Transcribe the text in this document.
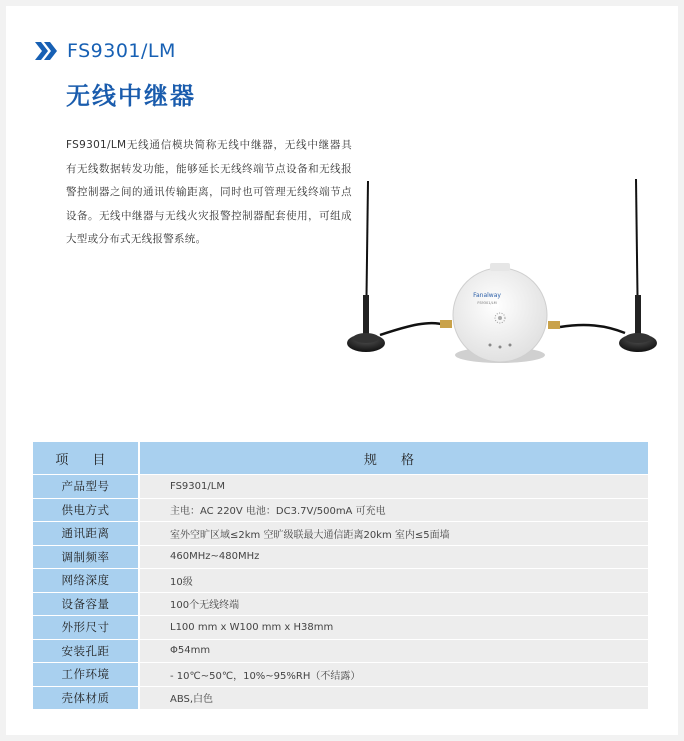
FS9301/LM
无线中继器
FS9301/LM无线通信模块简称无线中继器，无线中继器具有无线数据转发功能，能够延长无线终端节点设备和无线报警控制器之间的通讯传输距离，同时也可管理无线终端节点设备。无线中继器与无线火灾报警控制器配套使用，可组成大型或分布式无线报警系统。
Fanalway
FS9301/LM
项 目	规 格
产品型号	FS9301/LM
供电方式	主电：AC 220V 电池：DC3.7V/500mA 可充电
通讯距离	室外空旷区域≤2km 空旷级联最大通信距离20km 室内≤5面墙
调制频率	460MHz~480MHz
网络深度	10级
设备容量	100个无线终端
外形尺寸	L100 mm x W100 mm x H38mm
安装孔距	Φ54mm
工作环境	- 10℃~50℃，10%~95%RH（不结露）
壳体材质	ABS,白色
